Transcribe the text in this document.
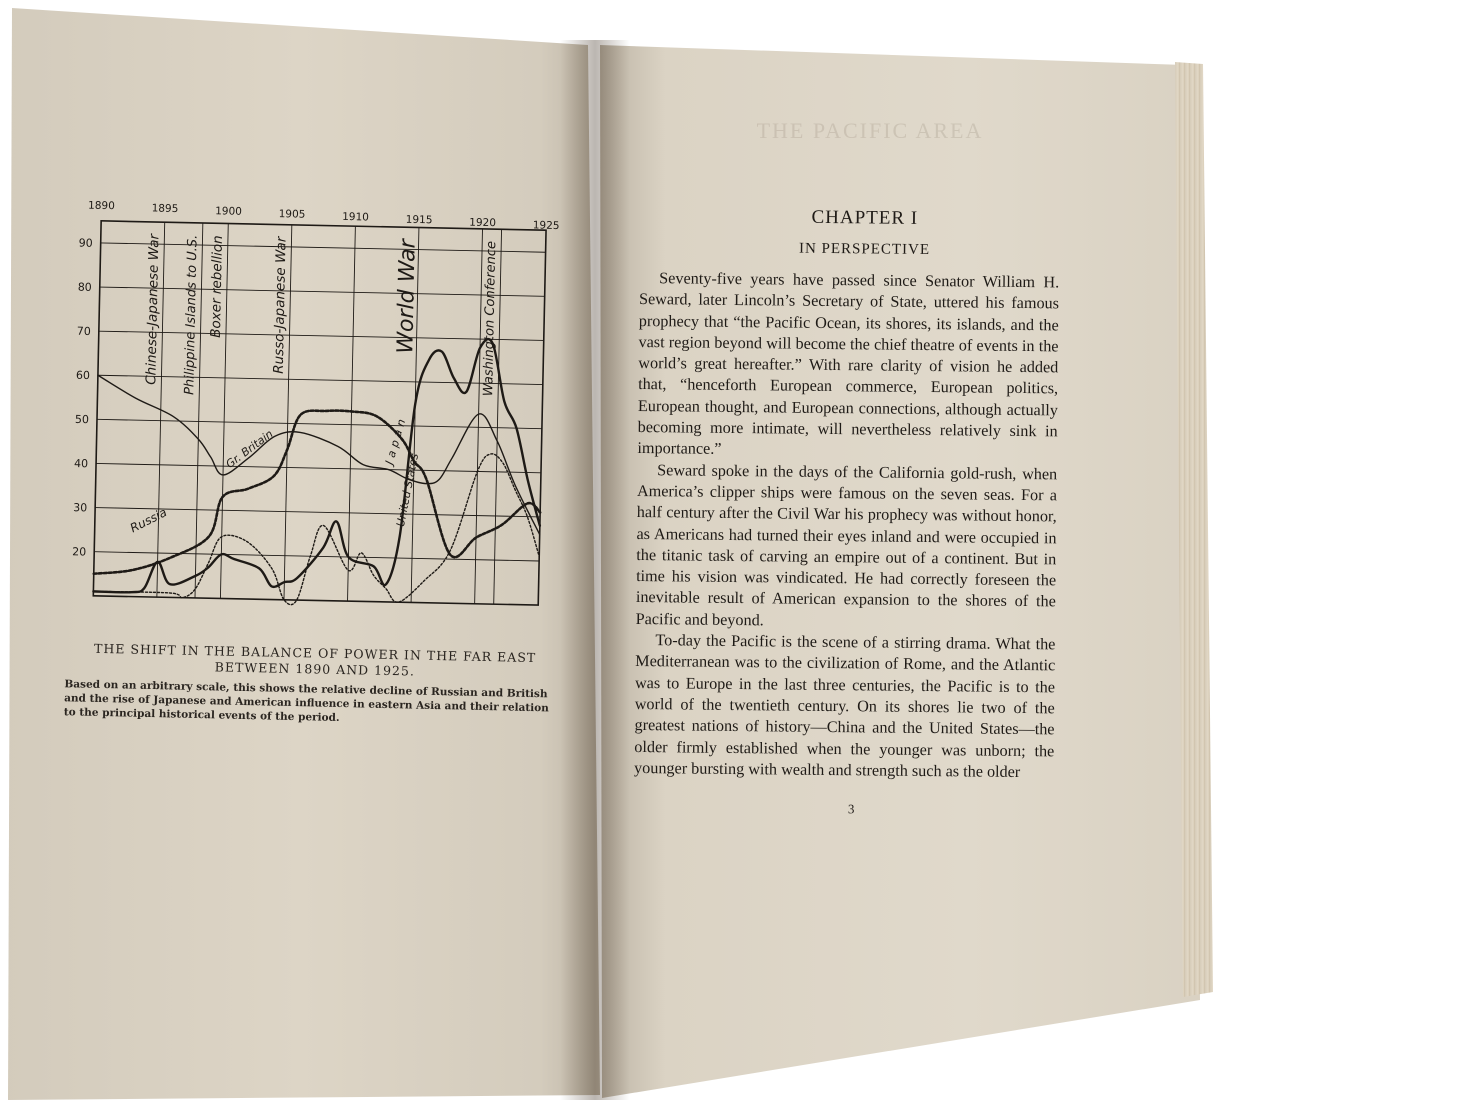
20
30
40
50
60
70
80
90
1890	1895	1900	1905	1910	1915	1920	1925
Chinese-Japanese War Philippine Islands to U.S. Boxer rebellion	Russo-Japanese War	World War	Washington Conference
Gr. Britain
Russia
Japan
United States
THE SHIFT IN THE BALANCE OF POWER IN THE FAR EAST BETWEEN 1890 AND 1925.
Based on an arbitrary scale, this shows the relative decline of Russian and British and the rise of Japanese and American influence in eastern Asia and their relation to the principal historical events of the period.
THE PACIFIC AREA
CHAPTER I
IN PERSPECTIVE

Seventy-five years have passed since Senator William H. Seward, later Lincoln’s Secretary of State, uttered his famous prophecy that “the Pacific Ocean, its shores, its islands, and the vast region beyond will become the chief theatre of events in the world’s great hereafter.” With rare clarity of vision he added that, “henceforth European commerce, European politics, European thought, and European connections, although actually becoming more intimate, will nevertheless relatively sink in importance.”

Seward spoke in the days of the California gold-rush, when America’s clipper ships were famous on the seven seas. For a half century after the Civil War his prophecy was without honor, as Americans had turned their eyes inland and were occupied in the titanic task of carving an empire out of a continent. But in time his vision was vindicated. He had correctly foreseen the inevitable result of American expansion to the shores of the Pacific and beyond.

To-day the Pacific is the scene of a stirring drama. What the Mediterranean was to the civilization of Rome, and the Atlantic was to Europe in the last three centuries, the Pacific is to the world of the twentieth century. On its shores lie two of the greatest nations of history—China and the United States—the older firmly established when the younger was unborn; the younger bursting with wealth and strength such as the older

3
